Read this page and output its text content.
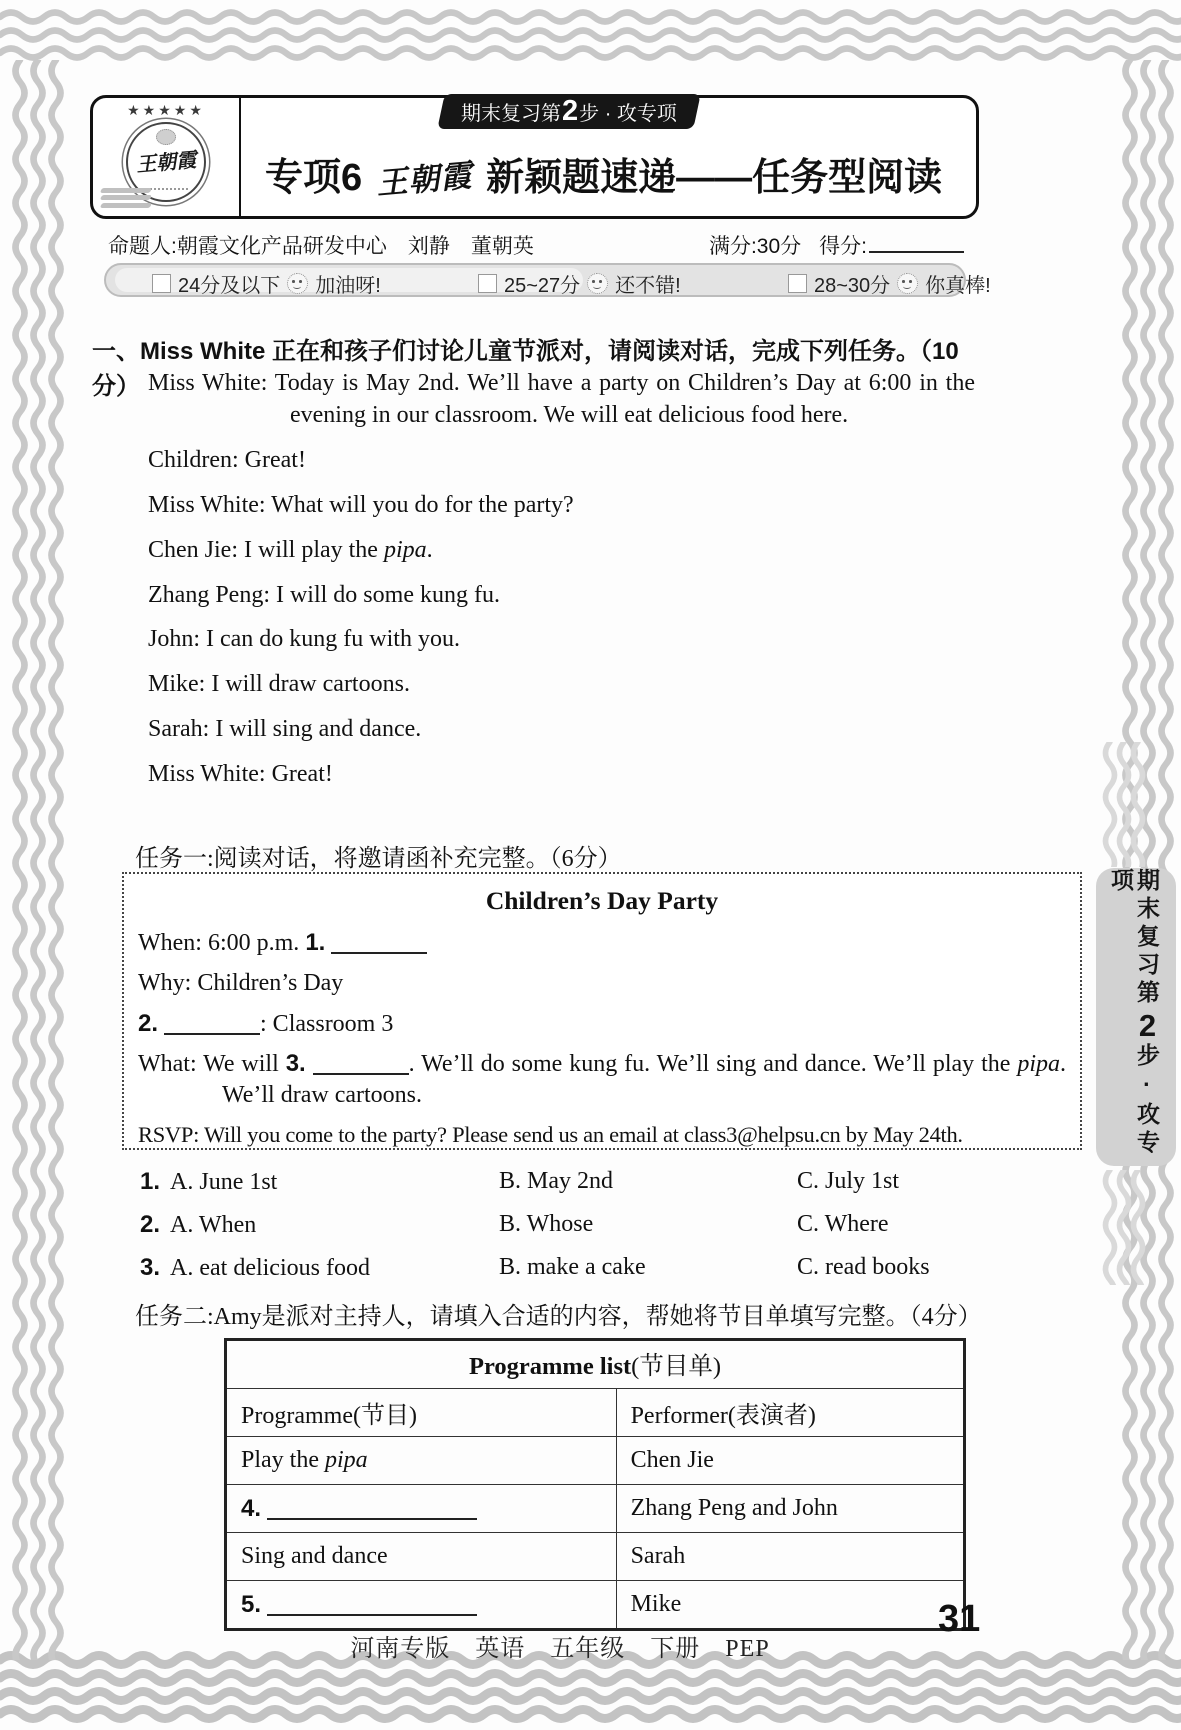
★★★★★
王朝霞
期末复习第 2 步 · 攻专项
专项6 王朝霞 新颖题速递——任务型阅读
命题人:朝霞文化产品研发中心　刘静　董朝英	满分:30分 得分:
24分及以下 加油呀!	25~27分 还不错!	28~30分 你真棒!
一、Miss White 正在和孩子们讨论儿童节派对，请阅读对话，完成下列任务。（10分） Miss White: Today is May 2nd. We’ll have a party on Children’s Day at 6:00 in the evening in our classroom. We will eat delicious food here.

Children: Great!

Miss White: What will you do for the party?

Chen Jie: I will play the pipa.

Zhang Peng: I will do some kung fu.

John: I can do kung fu with you.

Mike: I will draw cartoons.

Sarah: I will sing and dance.

Miss White: Great!

任务一:阅读对话，将邀请函补充完整。（6分）
Children’s Day Party
When: 6:00 p.m. 1.
Why: Children’s Day
2.	: Classroom 3
What: We will 3.	. We’ll do some kung fu. We’ll sing and dance. We’ll play the pipa. We’ll draw cartoons.
RSVP: Will you come to the party? Please send us an email at class3@helpsu.cn by May 24th.
1. A. June 1st	B. May 2nd	C. July 1st
2. A. When	B. Whose	C. Where
3. A. eat delicious food	B. make a cake	C. read books
任务二:Amy是派对主持人，请填入合适的内容，帮她将节目单填写完整。（4分）
Programme list(节目单)	
Programme(节目)	Performer(表演者)
Play the pipa	Chen Jie
4.	Zhang Peng and John
Sing and dance	Sarah
5.	Mike
河南专版　英语　五年级　下册　PEP
31
期末复习第2步·攻专项
